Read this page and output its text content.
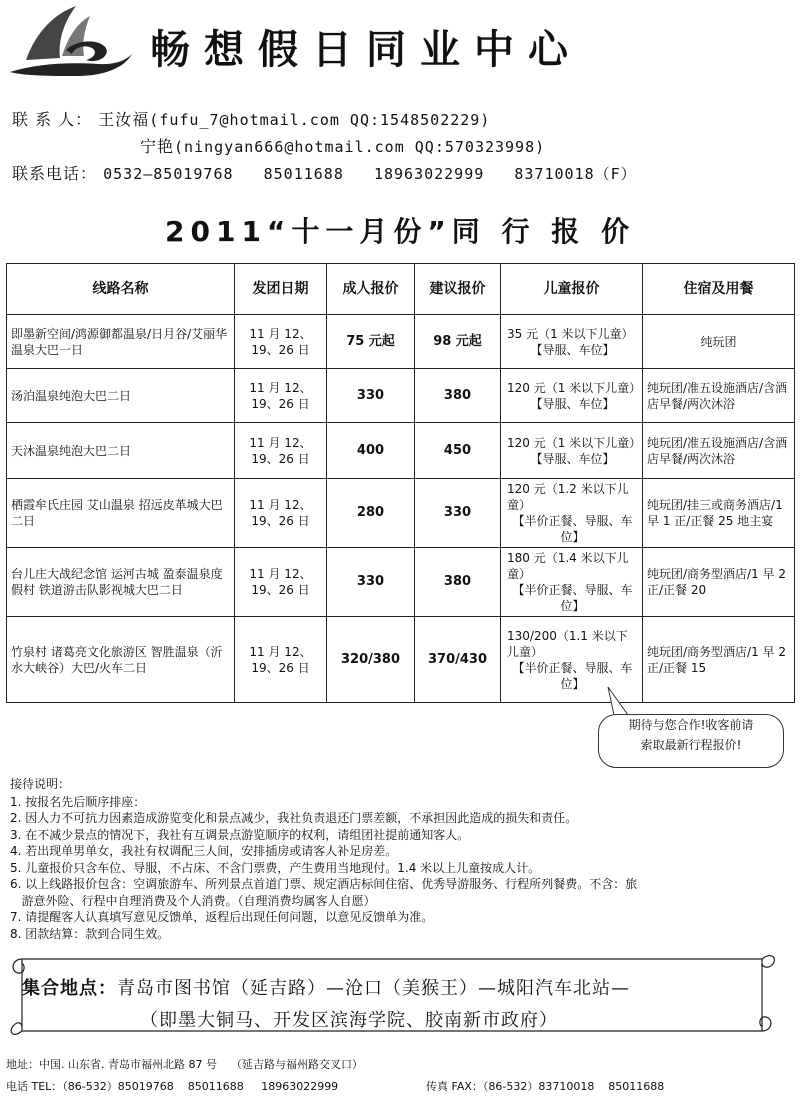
畅想假日同业中心
联 系 人： 王汝福(fufu_7@hotmail.com QQ:1548502229)
宁艳(ningyan666@hotmail.com QQ:570323998)
联系电话： 0532—85019768   85011688   18963022999   83710018（F）
2011“十一月份”同 行 报 价
线路名称	发团日期	成人报价	建议报价	儿童报价	住宿及用餐
即墨新空间/鸿源御都温泉/日月谷/艾丽华温泉大巴一日	11 月 12、19、26 日	75 元起	98 元起	35 元（1 米以下儿童）
【导服、车位】	纯玩团
汤泊温泉纯泡大巴二日	11 月 12、19、26 日	330	380	120 元（1 米以下儿童）
【导服、车位】	纯玩团/准五设施酒店/含酒店早餐/两次沐浴
天沐温泉纯泡大巴二日	11 月 12、19、26 日	400	450	120 元（1 米以下儿童）
【导服、车位】	纯玩团/准五设施酒店/含酒店早餐/两次沐浴
栖霞牟氏庄园 艾山温泉 招远皮革城大巴二日	11 月 12、19、26 日	280	330	120 元（1.2 米以下儿童）
【半价正餐、导服、车位】	纯玩团/挂三或商务酒店/1 早 1 正/正餐 25 地主宴
台儿庄大战纪念馆 运河古城 盈泰温泉度假村 铁道游击队影视城大巴二日	11 月 12、19、26 日	330	380	180 元（1.4 米以下儿童）
【半价正餐、导服、车位】	纯玩团/商务型酒店/1 早 2 正/正餐 20
竹泉村 诸葛亮文化旅游区 智胜温泉（沂水大峡谷）大巴/火车二日	11 月 12、19、26 日	320/380	370/430	130/200（1.1 米以下儿童）
【半价正餐、导服、车位】	纯玩团/商务型酒店/1 早 2 正/正餐 15
期待与您合作!收客前请
索取最新行程报价!
接待说明：
1. 按报名先后顺序排座：
2. 因人力不可抗力因素造成游览变化和景点减少，我社负责退还门票差额，不承担因此造成的损失和责任。
3. 在不减少景点的情况下，我社有互调景点游览顺序的权利，请组团社提前通知客人。
4. 若出现单男单女，我社有权调配三人间，安排插房或请客人补足房差。
5. 儿童报价只含车位、导服，不占床、不含门票费，产生费用当地现付。1.4 米以上儿童按成人计。
6. 以上线路报价包含：空调旅游车、所列景点首道门票、规定酒店标间住宿、优秀导游服务、行程所列餐费。不含：旅
游意外险、行程中自理消费及个人消费。（自理消费均属客人自愿）
7. 请提醒客人认真填写意见反馈单，返程后出现任何问题，以意见反馈单为准。
8. 团款结算：款到合同生效。
集合地点：青岛市图书馆（延吉路）—沧口（美猴王）—城阳汽车北站—
（即墨大铜马、开发区滨海学院、胶南新市政府）
地址：中国. 山东省. 青岛市福州北路 87 号    （延吉路与福州路交叉口）
电话 TEL：（86-532）85019768    85011688     18963022999	传真 FAX：（86-532）83710018    85011688
